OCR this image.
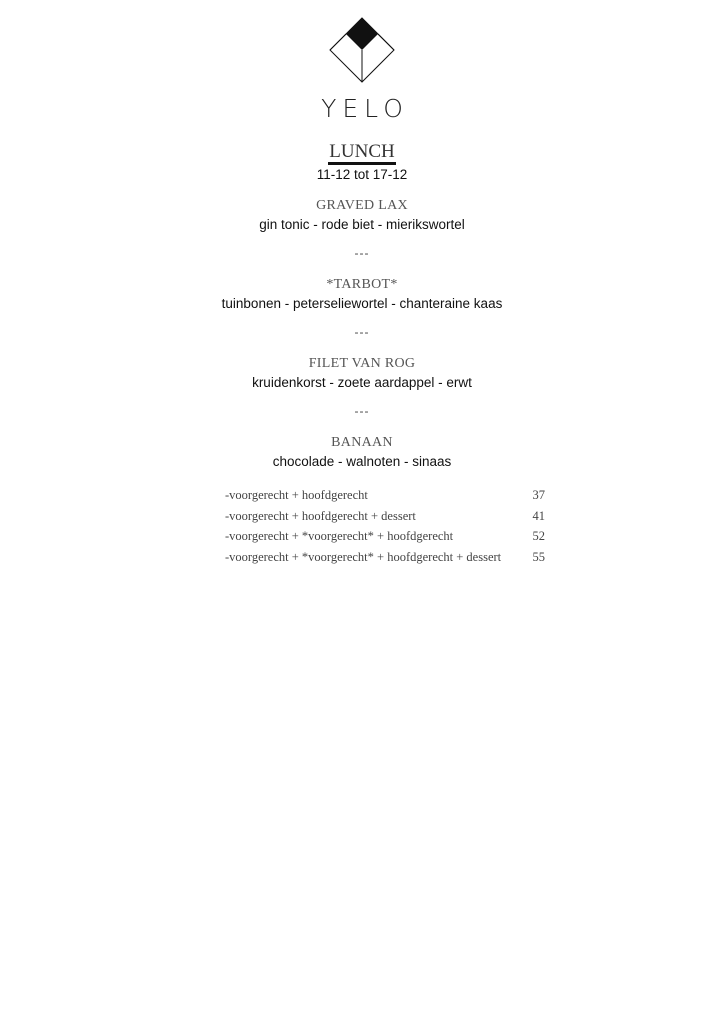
YELO
LUNCH
11-12 tot 17-12
GRAVED LAX
gin tonic - rode biet - mierikswortel
---
*TARBOT*
tuinbonen - peterseliewortel - chanteraine kaas
---
FILET VAN ROG
kruidenkorst - zoete aardappel - erwt
---
BANAAN
chocolade - walnoten - sinaas
-voorgerecht + hoofdgerecht	37
-voorgerecht + hoofdgerecht + dessert	41
-voorgerecht + *voorgerecht* + hoofdgerecht	52
-voorgerecht + *voorgerecht* + hoofdgerecht + dessert	55
